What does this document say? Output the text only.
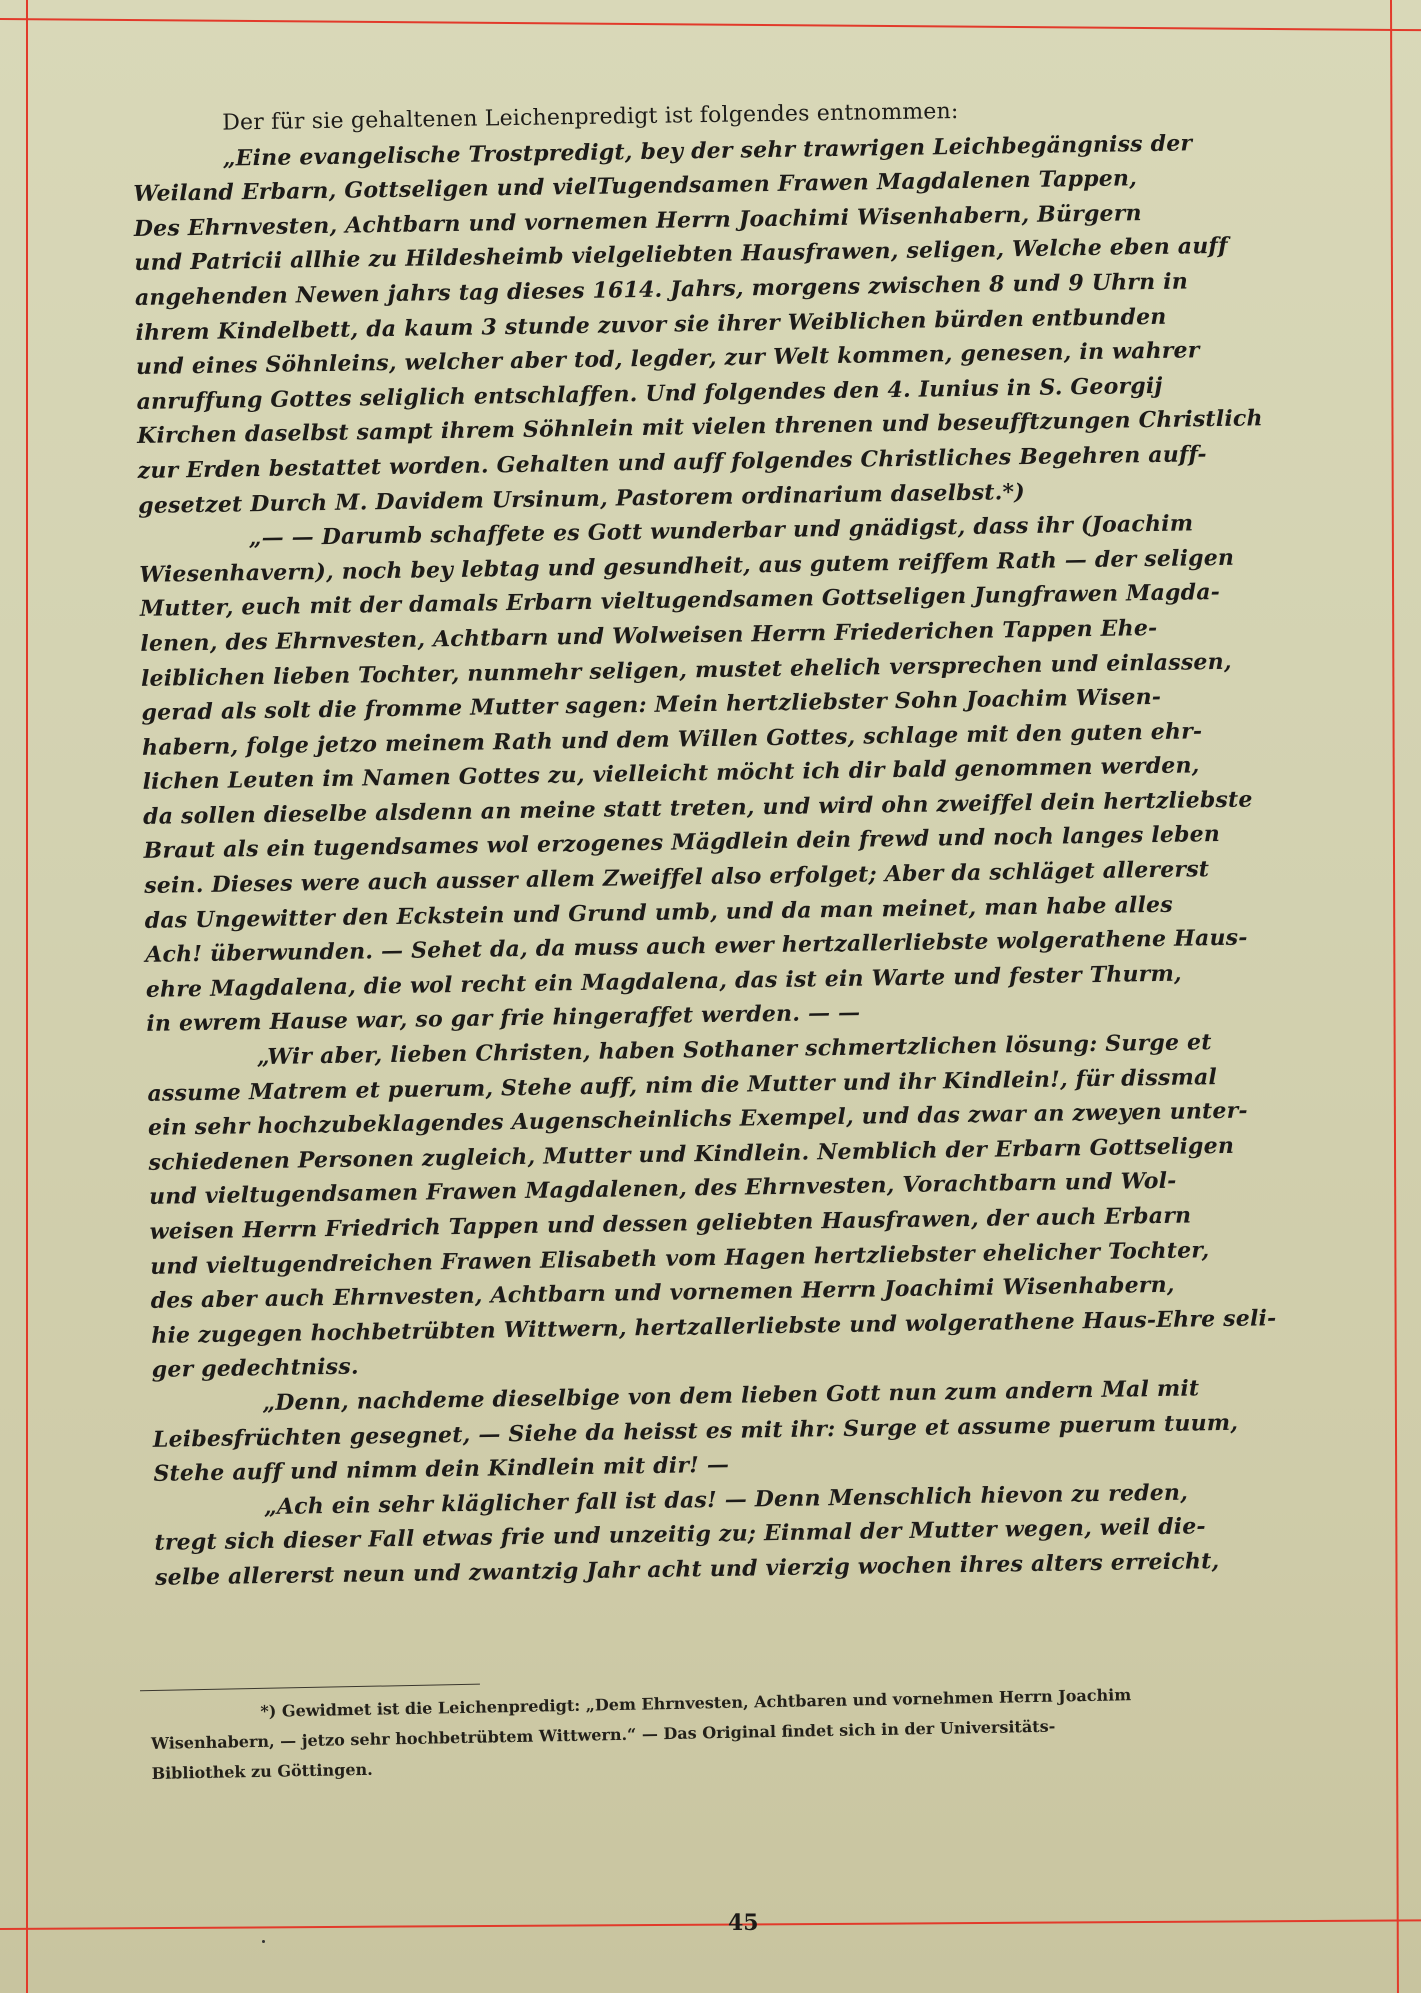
Der für sie gehaltenen Leichenpredigt ist folgendes entnommen:
„Eine evangelische Trostpredigt, bey der sehr trawrigen Leichbegängniss der
Weiland Erbarn, Gottseligen und vielTugendsamen Frawen Magdalenen Tappen,
Des Ehrnvesten, Achtbarn und vornemen Herrn Joachimi Wisenhabern, Bürgern
und Patricii allhie zu Hildesheimb vielgeliebten Hausfrawen, seligen, Welche eben auff
angehenden Newen jahrs tag dieses 1614. Jahrs, morgens zwischen 8 und 9 Uhrn in
ihrem Kindelbett, da kaum 3 stunde zuvor sie ihrer Weiblichen bürden entbunden
und eines Söhnleins, welcher aber tod, legder, zur Welt kommen, genesen, in wahrer
anruffung Gottes seliglich entschlaffen. Und folgendes den 4. Iunius in S. Georgij
Kirchen daselbst sampt ihrem Söhnlein mit vielen threnen und beseufftzungen Christlich
zur Erden bestattet worden. Gehalten und auff folgendes Christliches Begehren auff-
gesetzet Durch M. Davidem Ursinum, Pastorem ordinarium daselbst.*)
„— — Darumb schaffete es Gott wunderbar und gnädigst, dass ihr (Joachim
Wiesenhavern), noch bey lebtag und gesundheit, aus gutem reiffem Rath — der seligen
Mutter, euch mit der damals Erbarn vieltugendsamen Gottseligen Jungfrawen Magda-
lenen, des Ehrnvesten, Achtbarn und Wolweisen Herrn Friederichen Tappen Ehe-
leiblichen lieben Tochter, nunmehr seligen, mustet ehelich versprechen und einlassen,
gerad als solt die fromme Mutter sagen: Mein hertzliebster Sohn Joachim Wisen-
habern, folge jetzo meinem Rath und dem Willen Gottes, schlage mit den guten ehr-
lichen Leuten im Namen Gottes zu, vielleicht möcht ich dir bald genommen werden,
da sollen dieselbe alsdenn an meine statt treten, und wird ohn zweiffel dein hertzliebste
Braut als ein tugendsames wol erzogenes Mägdlein dein frewd und noch langes leben
sein. Dieses were auch ausser allem Zweiffel also erfolget; Aber da schläget allererst
das Ungewitter den Eckstein und Grund umb, und da man meinet, man habe alles
Ach! überwunden. — Sehet da, da muss auch ewer hertzallerliebste wolgerathene Haus-
ehre Magdalena, die wol recht ein Magdalena, das ist ein Warte und fester Thurm,
in ewrem Hause war, so gar frie hingeraffet werden. — —
„Wir aber, lieben Christen, haben Sothaner schmertzlichen lösung: Surge et
assume Matrem et puerum, Stehe auff, nim die Mutter und ihr Kindlein!, für dissmal
ein sehr hochzubeklagendes Augenscheinlichs Exempel, und das zwar an zweyen unter-
schiedenen Personen zugleich, Mutter und Kindlein. Nemblich der Erbarn Gottseligen
und vieltugendsamen Frawen Magdalenen, des Ehrnvesten, Vorachtbarn und Wol-
weisen Herrn Friedrich Tappen und dessen geliebten Hausfrawen, der auch Erbarn
und vieltugendreichen Frawen Elisabeth vom Hagen hertzliebster ehelicher Tochter,
des aber auch Ehrnvesten, Achtbarn und vornemen Herrn Joachimi Wisenhabern,
hie zugegen hochbetrübten Wittwern, hertzallerliebste und wolgerathene Haus-Ehre seli-
ger gedechtniss.
„Denn, nachdeme dieselbige von dem lieben Gott nun zum andern Mal mit
Leibesfrüchten gesegnet, — Siehe da heisst es mit ihr: Surge et assume puerum tuum,
Stehe auff und nimm dein Kindlein mit dir! —
„Ach ein sehr kläglicher fall ist das! — Denn Menschlich hievon zu reden,
tregt sich dieser Fall etwas frie und unzeitig zu; Einmal der Mutter wegen, weil die-
selbe allererst neun und zwantzig Jahr acht und vierzig wochen ihres alters erreicht,
*) Gewidmet ist die Leichenpredigt: „Dem Ehrnvesten, Achtbaren und vornehmen Herrn Joachim
Wisenhabern, — jetzo sehr hochbetrübtem Wittwern.“ — Das Original findet sich in der Universitäts-
Bibliothek zu Göttingen.
45
